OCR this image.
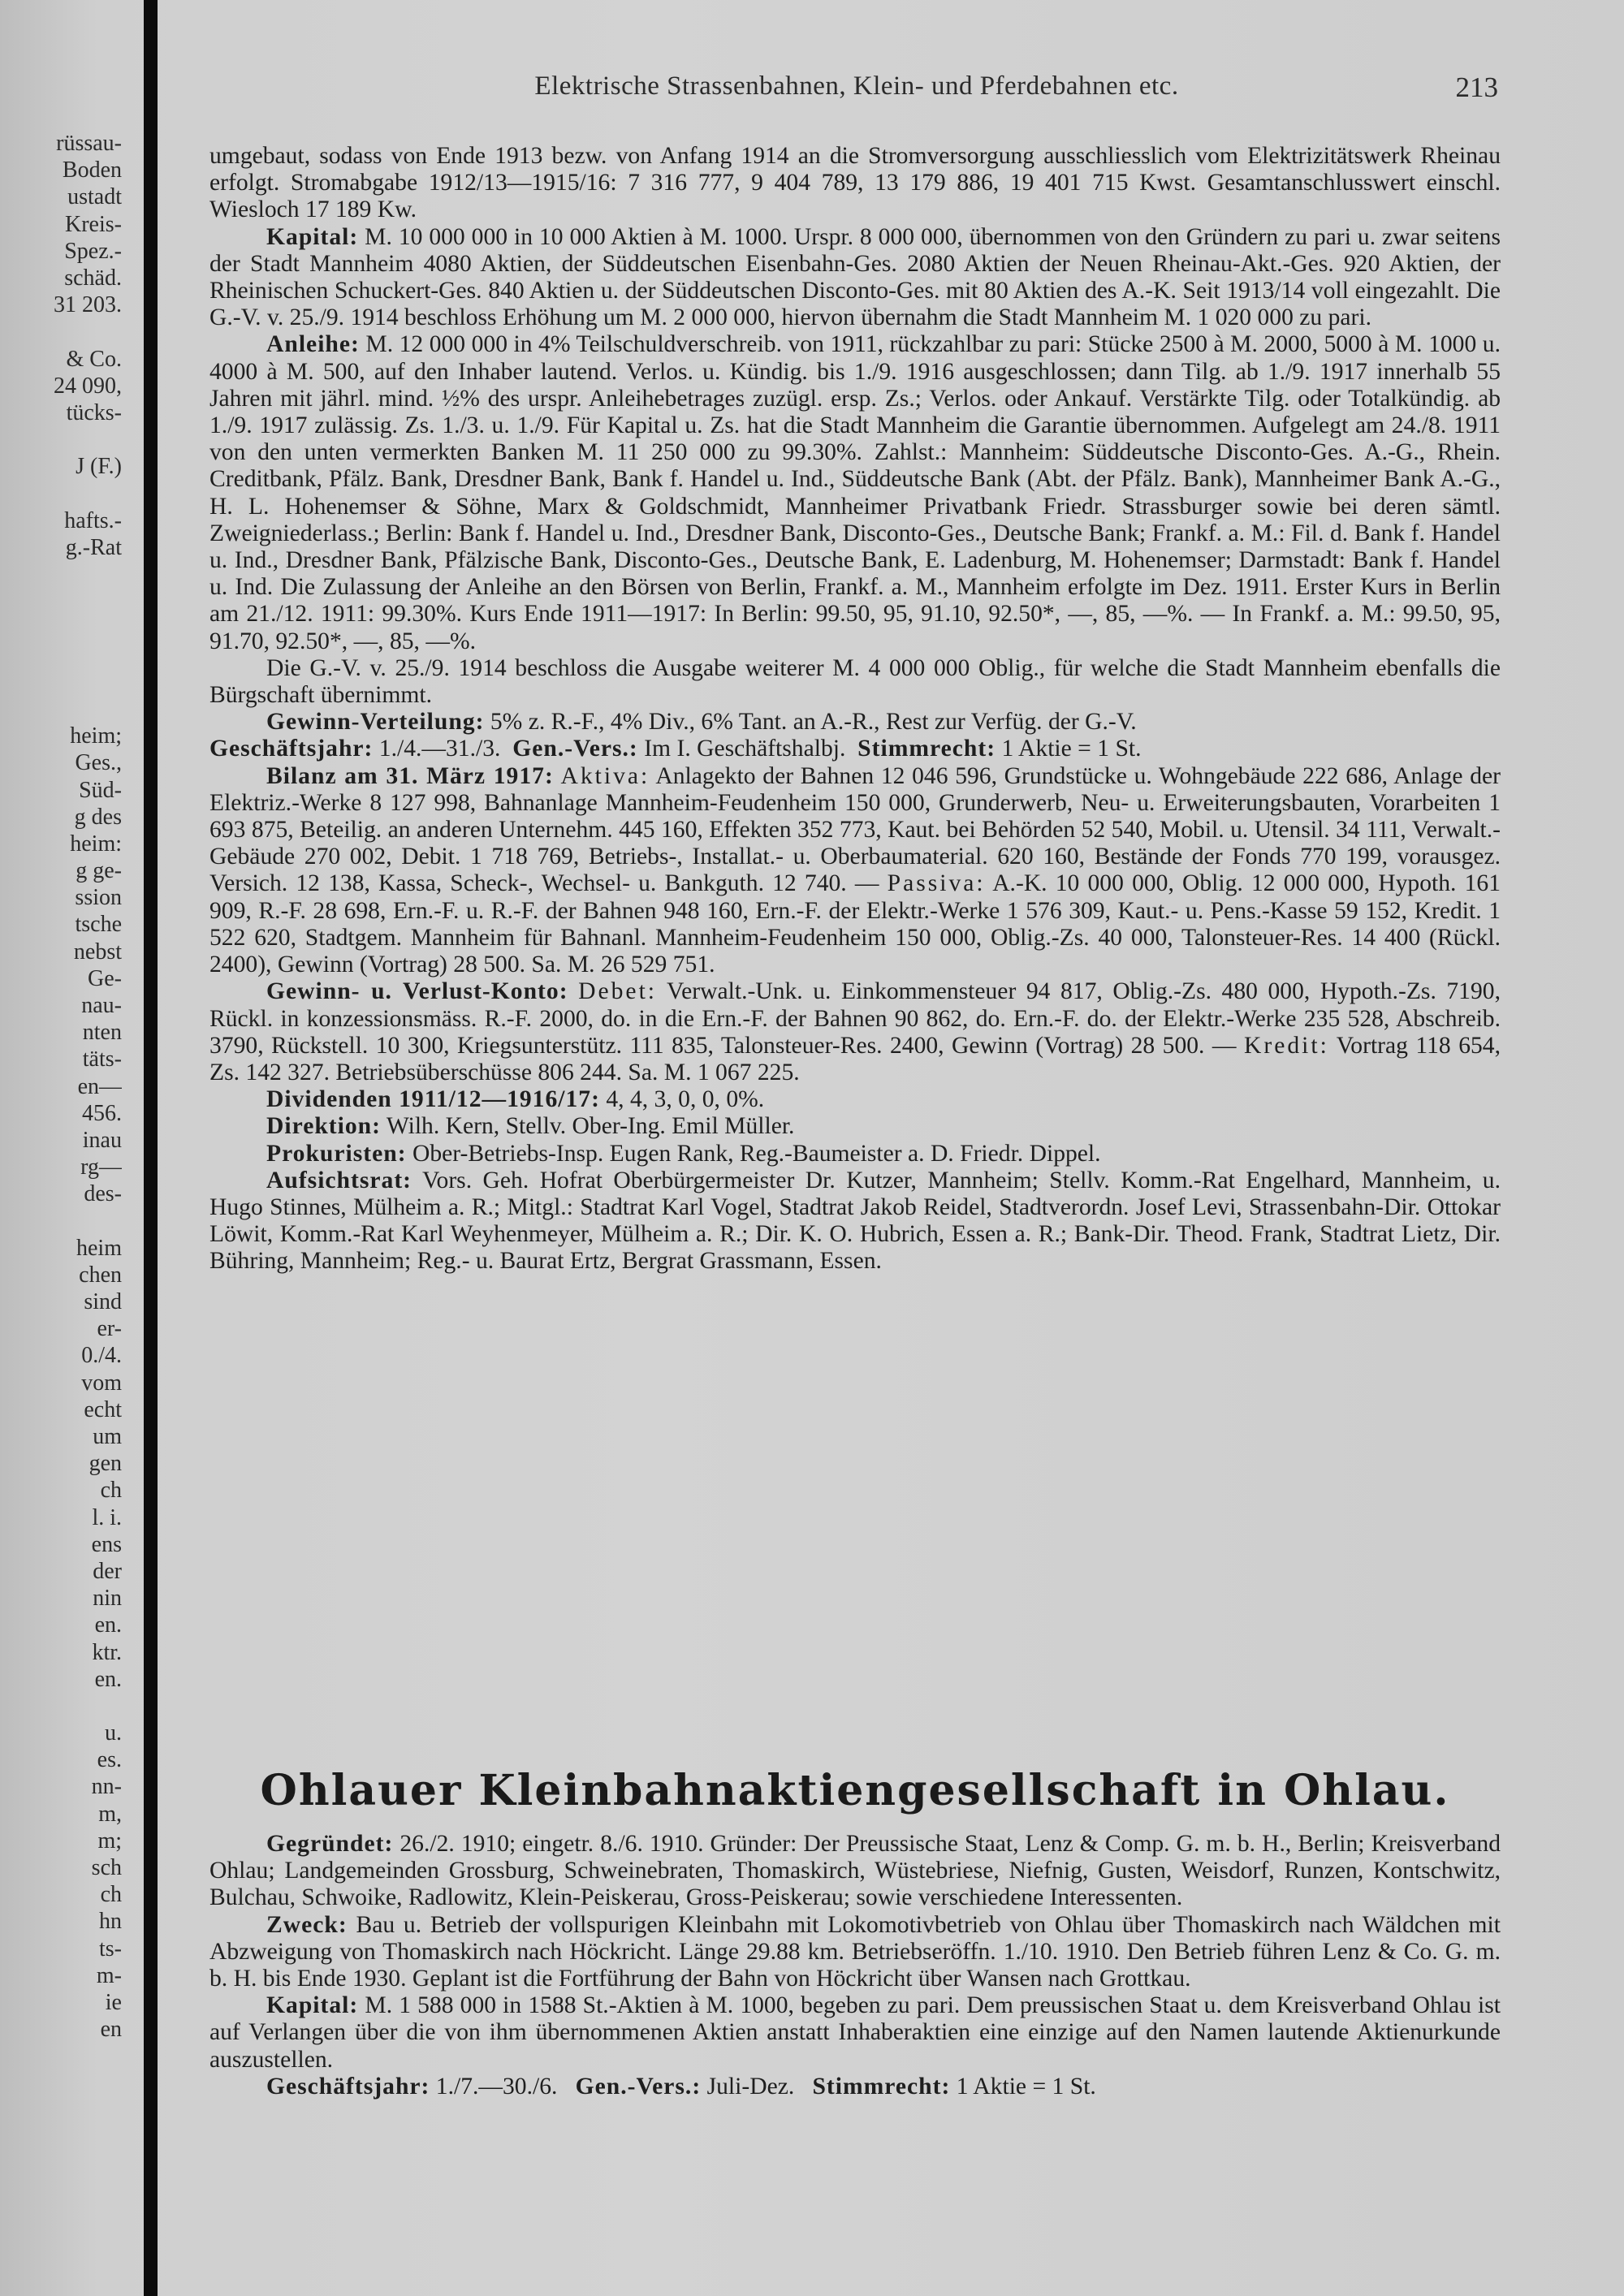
rüssau-
Boden
ustadt
Kreis-
Spez.-
schäd.
31 203.
& Co.
24 090,
tücks-
J (F.)
hafts.-
g.-Rat
heim;
Ges.,
Süd-
g des
heim:
g ge-
ssion
tsche
nebst
Ge-
nau-
nten
täts-
en—
456.
inau
rg—
des-
heim
chen
sind
er-
0./4.
vom
echt
um
gen
ch
l. i.
ens
der
nin
en.
ktr.
en.
u.
es.
nn-
m,
m;
sch
ch
hn
ts-
m-
ie
en
Elektrische Strassenbahnen, Klein- und Pferdebahnen etc.	213

umgebaut, sodass von Ende 1913 bezw. von Anfang 1914 an die Stromversorgung ausschliesslich vom Elektrizitätswerk Rheinau erfolgt. Stromabgabe 1912/13—1915/16: 7 316 777, 9 404 789, 13 179 886, 19 401 715 Kwst. Gesamtanschlusswert einschl. Wiesloch 17 189 Kw.

Kapital: M. 10 000 000 in 10 000 Aktien à M. 1000. Urspr. 8 000 000, übernommen von den Gründern zu pari u. zwar seitens der Stadt Mannheim 4080 Aktien, der Süddeutschen Eisenbahn-Ges. 2080 Aktien der Neuen Rheinau-Akt.-Ges. 920 Aktien, der Rheinischen Schuckert-Ges. 840 Aktien u. der Süddeutschen Disconto-Ges. mit 80 Aktien des A.-K. Seit 1913/14 voll eingezahlt. Die G.-V. v. 25./9. 1914 beschloss Erhöhung um M. 2 000 000, hiervon übernahm die Stadt Mannheim M. 1 020 000 zu pari.

Anleihe: M. 12 000 000 in 4% Teilschuldverschreib. von 1911, rückzahlbar zu pari: Stücke 2500 à M. 2000, 5000 à M. 1000 u. 4000 à M. 500, auf den Inhaber lautend. Verlos. u. Kündig. bis 1./9. 1916 ausgeschlossen; dann Tilg. ab 1./9. 1917 innerhalb 55 Jahren mit jährl. mind. ½% des urspr. Anleihebetrages zuzügl. ersp. Zs.; Verlos. oder Ankauf. Verstärkte Tilg. oder Totalkündig. ab 1./9. 1917 zulässig. Zs. 1./3. u. 1./9. Für Kapital u. Zs. hat die Stadt Mannheim die Garantie übernommen. Aufgelegt am 24./8. 1911 von den unten vermerkten Banken M. 11 250 000 zu 99.30%. Zahlst.: Mannheim: Süddeutsche Disconto-Ges. A.-G., Rhein. Creditbank, Pfälz. Bank, Dresdner Bank, Bank f. Handel u. Ind., Süddeutsche Bank (Abt. der Pfälz. Bank), Mannheimer Bank A.-G., H. L. Hohenemser & Söhne, Marx & Goldschmidt, Mannheimer Privatbank Friedr. Strassburger sowie bei deren sämtl. Zweigniederlass.; Berlin: Bank f. Handel u. Ind., Dresdner Bank, Disconto-Ges., Deutsche Bank; Frankf. a. M.: Fil. d. Bank f. Handel u. Ind., Dresdner Bank, Pfälzische Bank, Disconto-Ges., Deutsche Bank, E. Ladenburg, M. Hohenemser; Darmstadt: Bank f. Handel u. Ind. Die Zulassung der Anleihe an den Börsen von Berlin, Frankf. a. M., Mannheim erfolgte im Dez. 1911. Erster Kurs in Berlin am 21./12. 1911: 99.30%. Kurs Ende 1911—1917: In Berlin: 99.50, 95, 91.10, 92.50*, —, 85, —%. — In Frankf. a. M.: 99.50, 95, 91.70, 92.50*, —, 85, —%.

Die G.-V. v. 25./9. 1914 beschloss die Ausgabe weiterer M. 4 000 000 Oblig., für welche die Stadt Mannheim ebenfalls die Bürgschaft übernimmt.

Gewinn-Verteilung: 5% z. R.-F., 4% Div., 6% Tant. an A.-R., Rest zur Verfüg. der G.-V.

Geschäftsjahr: 1./4.—31./3. Gen.-Vers.: Im I. Geschäftshalbj. Stimmrecht: 1 Aktie = 1 St.

Bilanz am 31. März 1917: Aktiva: Anlagekto der Bahnen 12 046 596, Grundstücke u. Wohngebäude 222 686, Anlage der Elektriz.-Werke 8 127 998, Bahnanlage Mannheim-Feudenheim 150 000, Grunderwerb, Neu- u. Erweiterungsbauten, Vorarbeiten 1 693 875, Beteilig. an anderen Unternehm. 445 160, Effekten 352 773, Kaut. bei Behörden 52 540, Mobil. u. Utensil. 34 111, Verwalt.-Gebäude 270 002, Debit. 1 718 769, Betriebs-, Installat.- u. Oberbaumaterial. 620 160, Bestände der Fonds 770 199, vorausgez. Versich. 12 138, Kassa, Scheck-, Wechsel- u. Bankguth. 12 740. — Passiva: A.-K. 10 000 000, Oblig. 12 000 000, Hypoth. 161 909, R.-F. 28 698, Ern.-F. u. R.-F. der Bahnen 948 160, Ern.-F. der Elektr.-Werke 1 576 309, Kaut.- u. Pens.-Kasse 59 152, Kredit. 1 522 620, Stadtgem. Mannheim für Bahnanl. Mannheim-Feudenheim 150 000, Oblig.-Zs. 40 000, Talonsteuer-Res. 14 400 (Rückl. 2400), Gewinn (Vortrag) 28 500. Sa. M. 26 529 751.

Gewinn- u. Verlust-Konto: Debet: Verwalt.-Unk. u. Einkommensteuer 94 817, Oblig.-Zs. 480 000, Hypoth.-Zs. 7190, Rückl. in konzessionsmäss. R.-F. 2000, do. in die Ern.-F. der Bahnen 90 862, do. Ern.-F. do. der Elektr.-Werke 235 528, Abschreib. 3790, Rückstell. 10 300, Kriegsunterstütz. 111 835, Talonsteuer-Res. 2400, Gewinn (Vortrag) 28 500. — Kredit: Vortrag 118 654, Zs. 142 327. Betriebsüberschüsse 806 244. Sa. M. 1 067 225.

Dividenden 1911/12—1916/17: 4, 4, 3, 0, 0, 0%.

Direktion: Wilh. Kern, Stellv. Ober-Ing. Emil Müller.

Prokuristen: Ober-Betriebs-Insp. Eugen Rank, Reg.-Baumeister a. D. Friedr. Dippel.

Aufsichtsrat: Vors. Geh. Hofrat Oberbürgermeister Dr. Kutzer, Mannheim; Stellv. Komm.-Rat Engelhard, Mannheim, u. Hugo Stinnes, Mülheim a. R.; Mitgl.: Stadtrat Karl Vogel, Stadtrat Jakob Reidel, Stadtverordn. Josef Levi, Strassenbahn-Dir. Ottokar Löwit, Komm.-Rat Karl Weyhenmeyer, Mülheim a. R.; Dir. K. O. Hubrich, Essen a. R.; Bank-Dir. Theod. Frank, Stadtrat Lietz, Dir. Bühring, Mannheim; Reg.- u. Baurat Ertz, Bergrat Grassmann, Essen.

Ohlauer Kleinbahnaktiengesellschaft in Ohlau.

Gegründet: 26./2. 1910; eingetr. 8./6. 1910. Gründer: Der Preussische Staat, Lenz & Comp. G. m. b. H., Berlin; Kreisverband Ohlau; Landgemeinden Grossburg, Schweinebraten, Thomaskirch, Wüstebriese, Niefnig, Gusten, Weisdorf, Runzen, Kontschwitz, Bulchau, Schwoike, Radlowitz, Klein-Peiskerau, Gross-Peiskerau; sowie verschiedene Interessenten.

Zweck: Bau u. Betrieb der vollspurigen Kleinbahn mit Lokomotivbetrieb von Ohlau über Thomaskirch nach Wäldchen mit Abzweigung von Thomaskirch nach Höckricht. Länge 29.88 km. Betriebseröffn. 1./10. 1910. Den Betrieb führen Lenz & Co. G. m. b. H. bis Ende 1930. Geplant ist die Fortführung der Bahn von Höckricht über Wansen nach Grottkau.

Kapital: M. 1 588 000 in 1588 St.-Aktien à M. 1000, begeben zu pari. Dem preussischen Staat u. dem Kreisverband Ohlau ist auf Verlangen über die von ihm übernommenen Aktien anstatt Inhaberaktien eine einzige auf den Namen lautende Aktienurkunde auszustellen.

Geschäftsjahr: 1./7.—30./6. Gen.-Vers.: Juli-Dez. Stimmrecht: 1 Aktie = 1 St.
